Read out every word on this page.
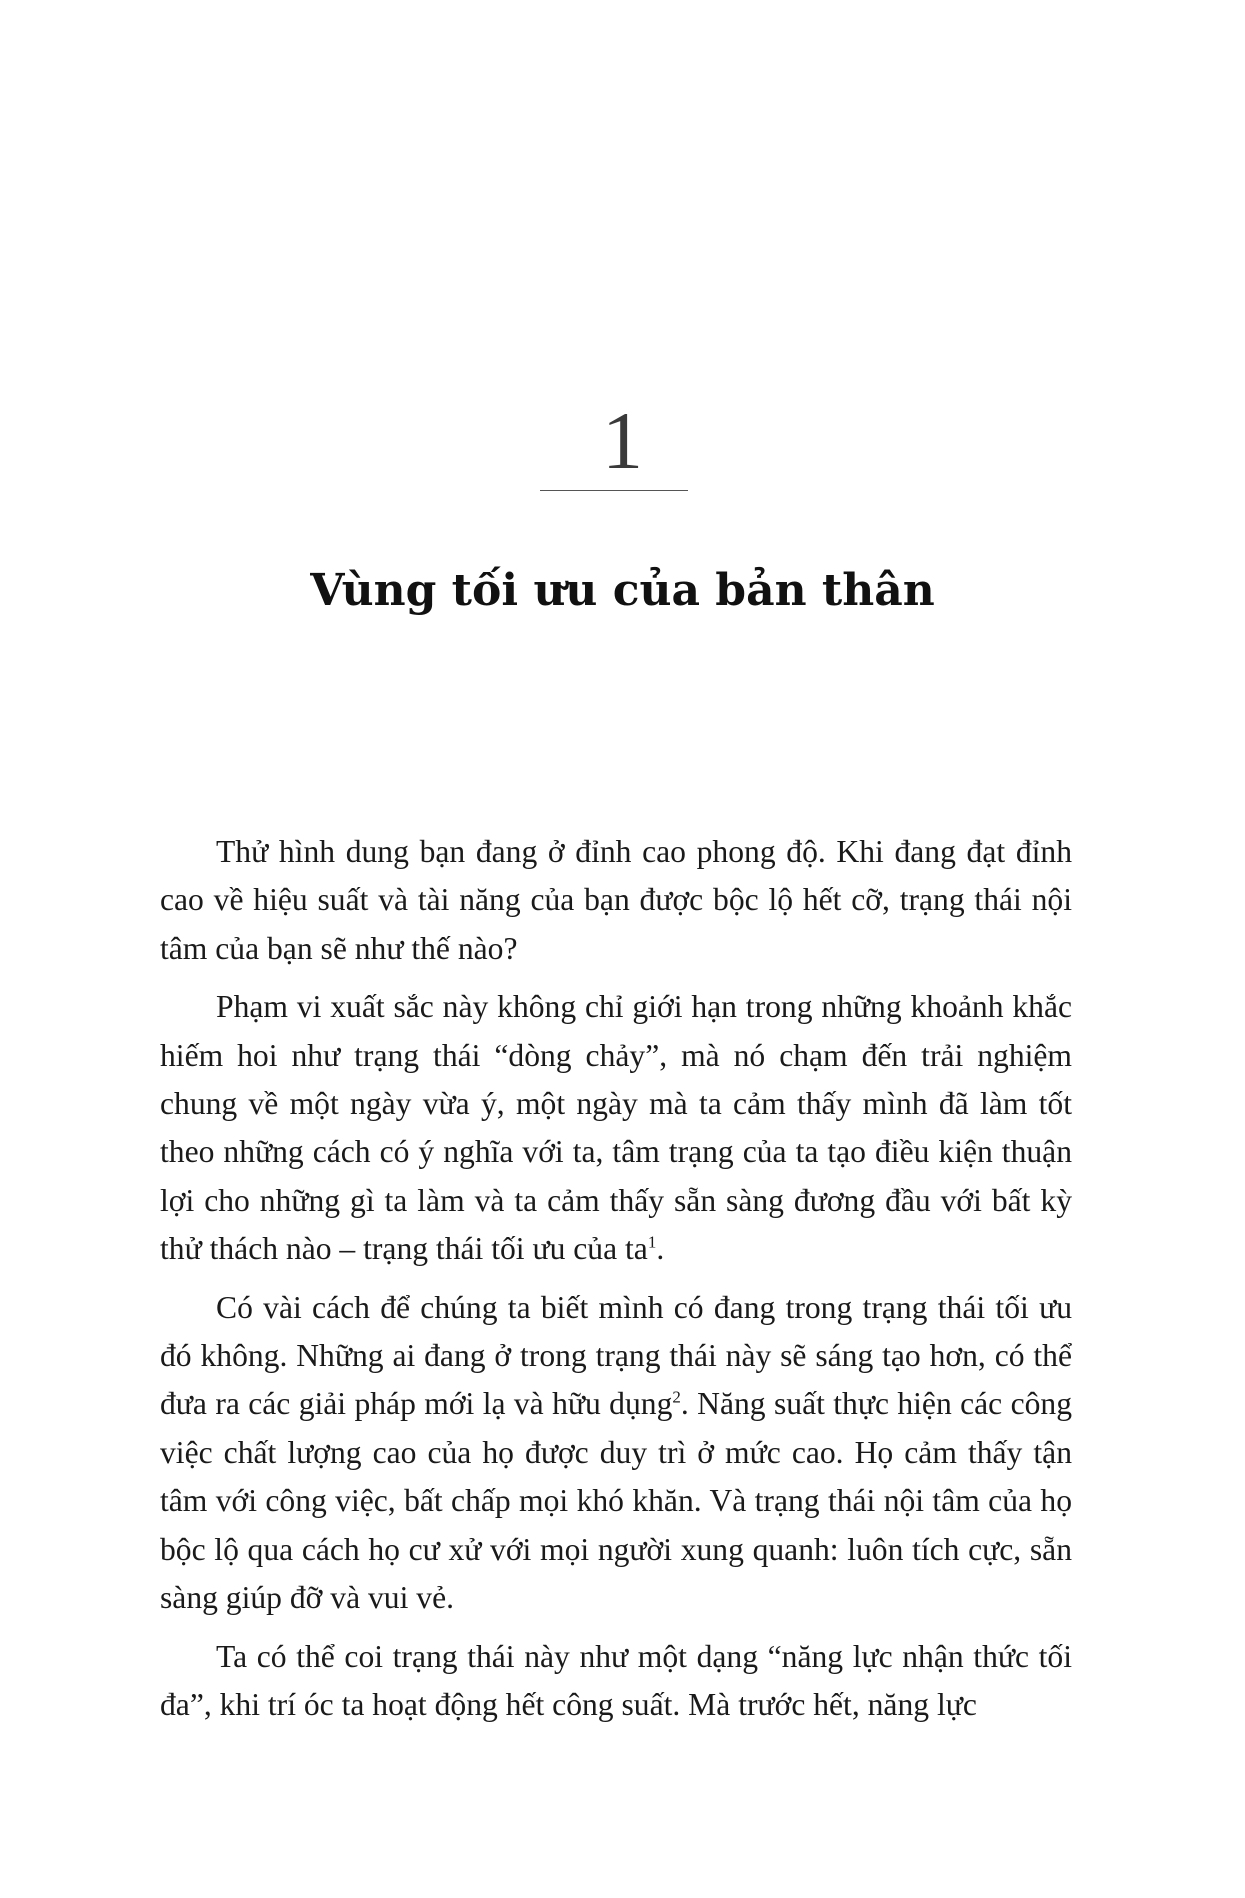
1
Vùng tối ưu của bản thân

Thử hình dung bạn đang ở đỉnh cao phong độ. Khi đang đạt đỉnh cao về hiệu suất và tài năng của bạn được bộc lộ hết cỡ, trạng thái nội tâm của bạn sẽ như thế nào?

Phạm vi xuất sắc này không chỉ giới hạn trong những khoảnh khắc hiếm hoi như trạng thái “dòng chảy”, mà nó chạm đến trải nghiệm chung về một ngày vừa ý, một ngày mà ta cảm thấy mình đã làm tốt theo những cách có ý nghĩa với ta, tâm trạng của ta tạo điều kiện thuận lợi cho những gì ta làm và ta cảm thấy sẵn sàng đương đầu với bất kỳ thử thách nào – trạng thái tối ưu của $ta^1$.

Có vài cách để chúng ta biết mình có đang trong trạng thái tối ưu đó không. Những ai đang ở trong trạng thái này sẽ sáng tạo hơn, có thể đưa ra các giải pháp mới lạ và hữu dụng$^2$. Năng suất thực hiện các công việc chất lượng cao của họ được duy trì ở mức cao. Họ cảm thấy tận tâm với công việc, bất chấp mọi khó khăn. Và trạng thái nội tâm của họ bộc lộ qua cách họ cư xử với mọi người xung quanh: luôn tích cực, sẵn sàng giúp đỡ và vui vẻ.

Ta có thể coi trạng thái này như một dạng “năng lực nhận thức tối đa”, khi trí óc ta hoạt động hết công suất. Mà trước hết, năng lực
